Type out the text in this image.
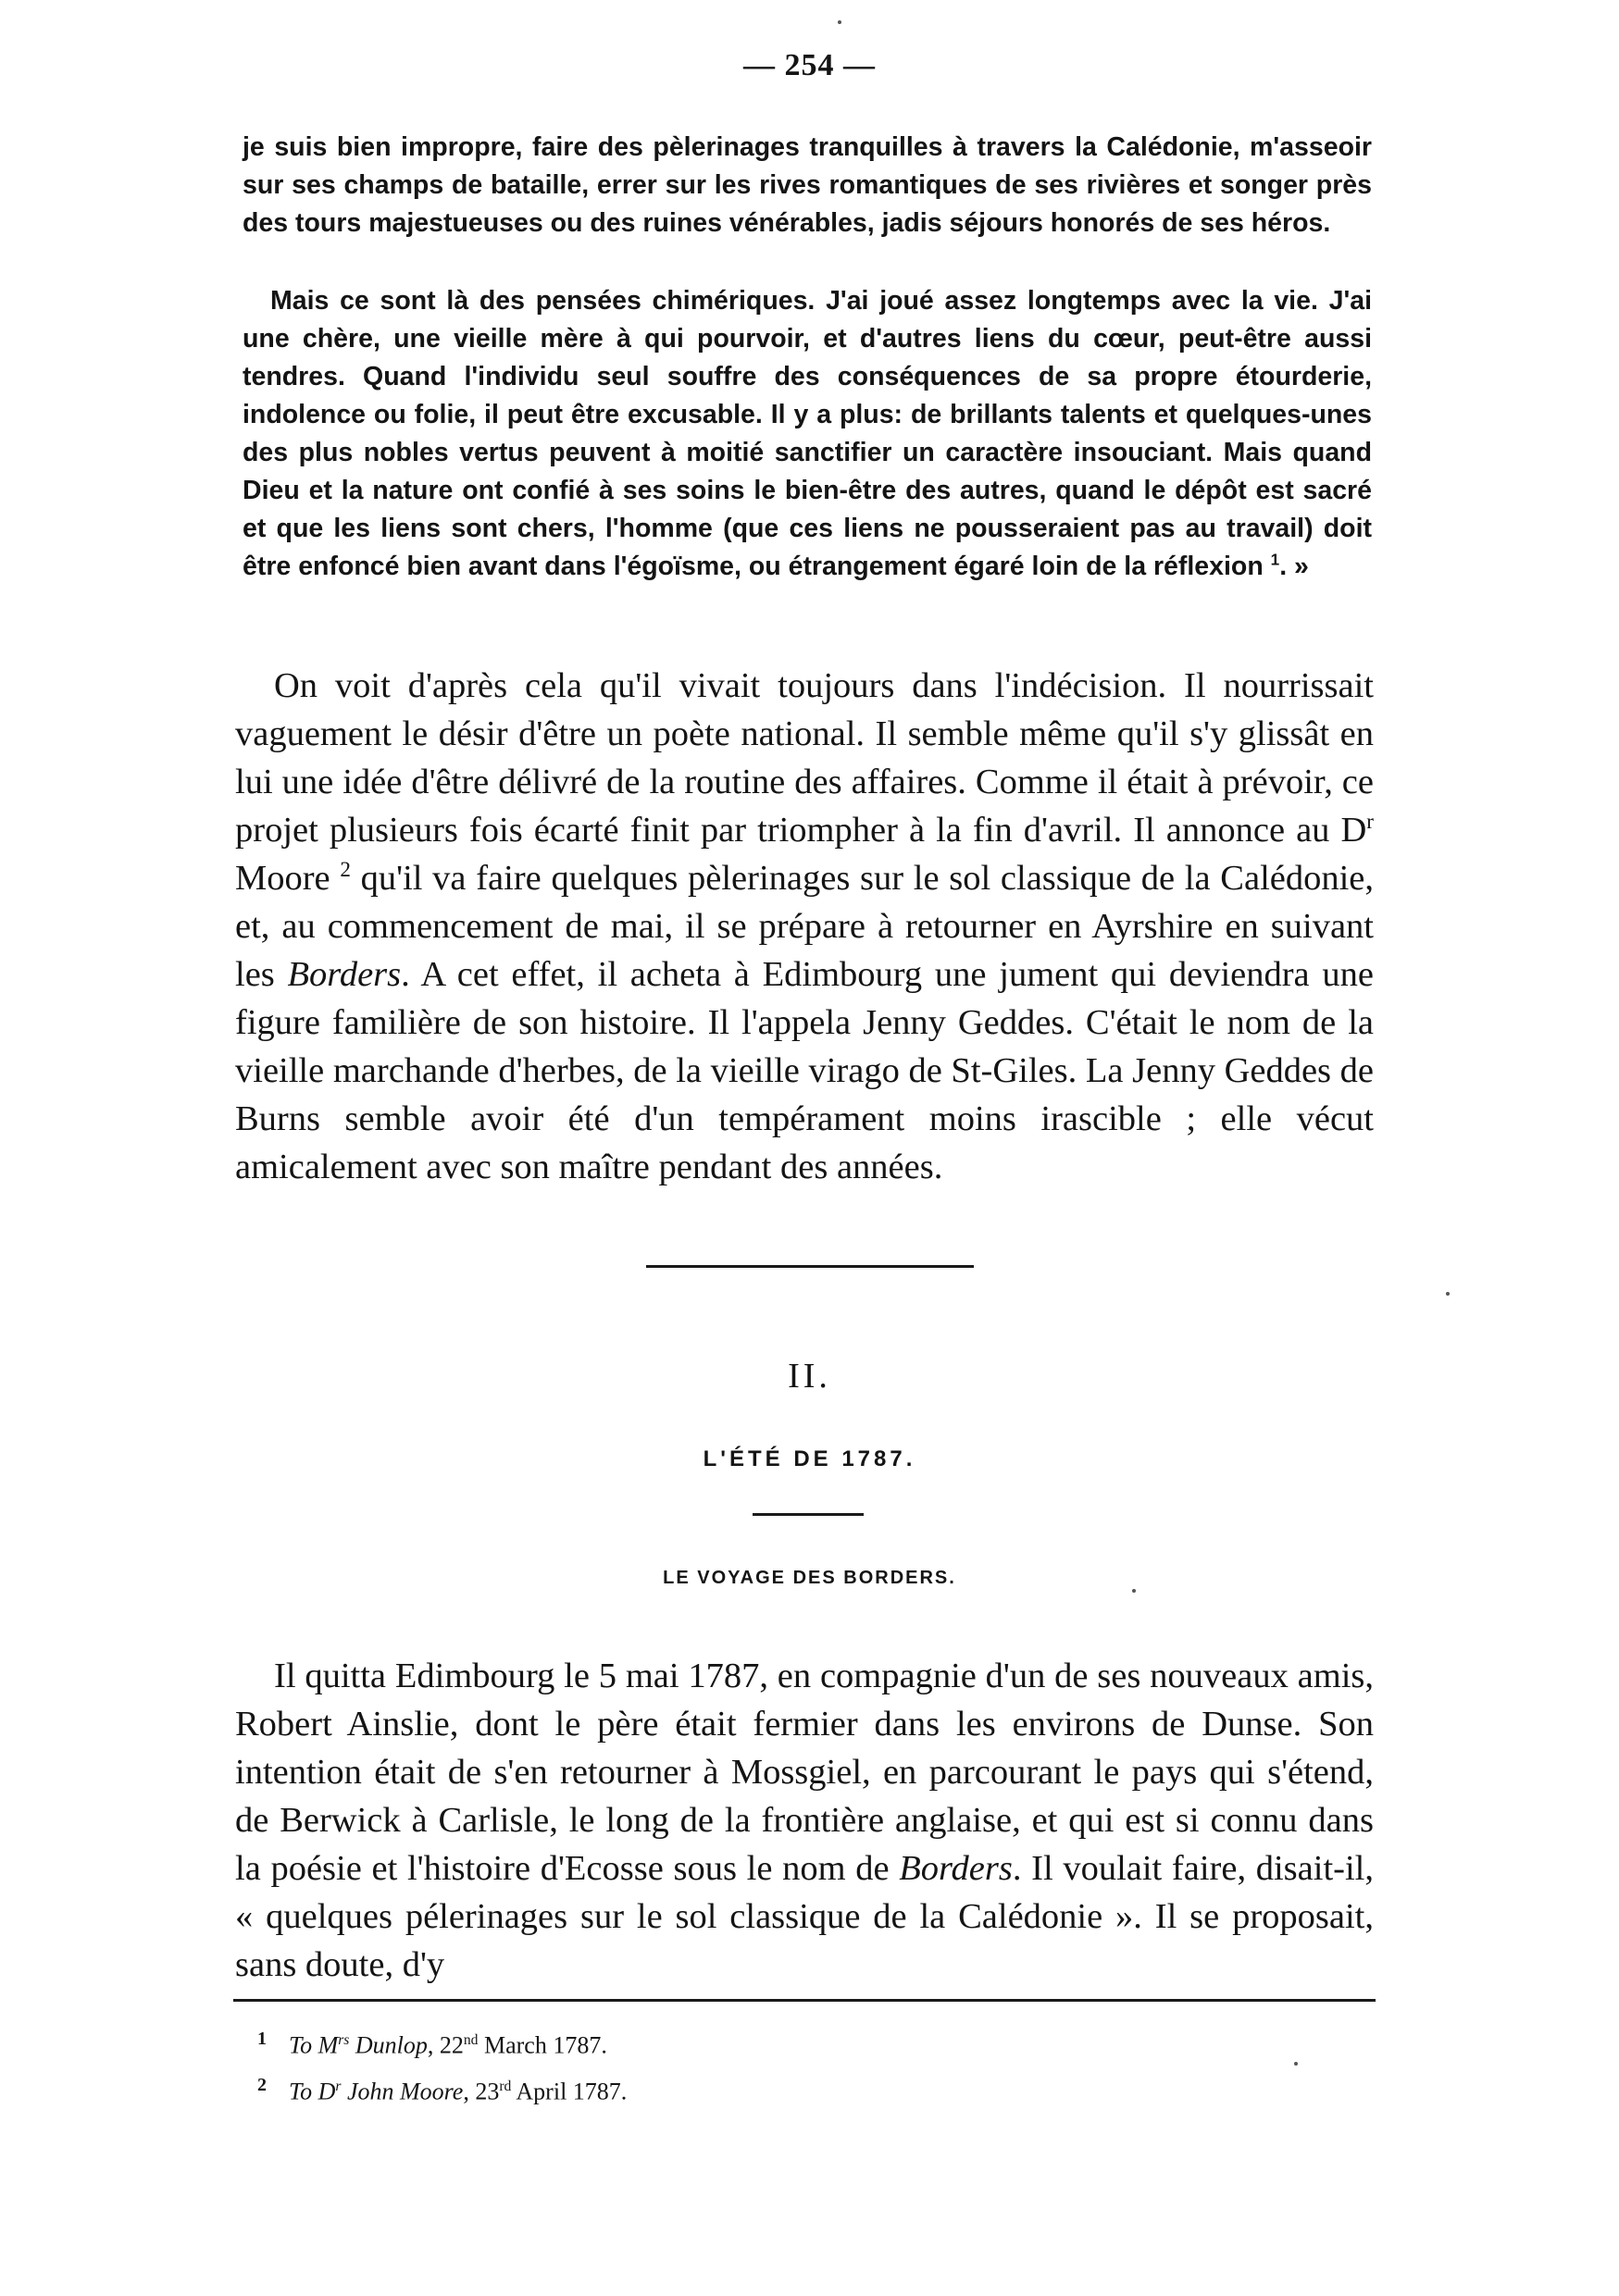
— 254 —

je suis bien impropre, faire des pèlerinages tranquilles à travers la Calédonie, m'asseoir sur ses champs de bataille, errer sur les rives romantiques de ses rivières et songer près des tours majestueuses ou des ruines vénérables, jadis séjours honorés de ses héros.

Mais ce sont là des pensées chimériques. J'ai joué assez longtemps avec la vie. J'ai une chère, une vieille mère à qui pourvoir, et d'autres liens du cœur, peut-être aussi tendres. Quand l'individu seul souffre des conséquences de sa propre étourderie, indolence ou folie, il peut être excusable. Il y a plus: de brillants talents et quelques-unes des plus nobles vertus peuvent à moitié sanctifier un caractère insouciant. Mais quand Dieu et la nature ont confié à ses soins le bien-être des autres, quand le dépôt est sacré et que les liens sont chers, l'homme (que ces liens ne pousseraient pas au travail) doit être enfoncé bien avant dans l'égoïsme, ou étrangement égaré loin de la réflexion $^1$. »

On voit d'après cela qu'il vivait toujours dans l'indécision. Il nourrissait vaguement le désir d'être un poète national. Il semble même qu'il s'y glissât en lui une idée d'être délivré de la routine des affaires. Comme il était à prévoir, ce projet plusieurs fois écarté finit par triompher à la fin d'avril. Il annonce au $D^r$ Moore $^2$ qu'il va faire quelques pèlerinages sur le sol classique de la Calédonie, et, au commencement de mai, il se prépare à retourner en Ayrshire en suivant les Borders. A cet effet, il acheta à Edimbourg une jument qui deviendra une figure familière de son histoire. Il l'appela Jenny Geddes. C'était le nom de la vieille marchande d'herbes, de la vieille virago de St-Giles. La Jenny Geddes de Burns semble avoir été d'un tempérament moins irascible ; elle vécut amicalement avec son maître pendant des années.

II.
L'ÉTÉ DE 1787.
LE VOYAGE DES BORDERS.

Il quitta Edimbourg le 5 mai 1787, en compagnie d'un de ses nouveaux amis, Robert Ainslie, dont le père était fermier dans les environs de Dunse. Son intention était de s'en retourner à Mossgiel, en parcourant le pays qui s'étend, de Berwick à Carlisle, le long de la frontière anglaise, et qui est si connu dans la poésie et l'histoire d'Ecosse sous le nom de Borders. Il voulait faire, disait-il, « quelques pélerinages sur le sol classique de la Calédonie ». Il se proposait, sans doute, d'y

1 To $M^{rs}$ Dunlop, 22nd March 1787.
2 To $D^r$ John Moore, 23rd April 1787.
